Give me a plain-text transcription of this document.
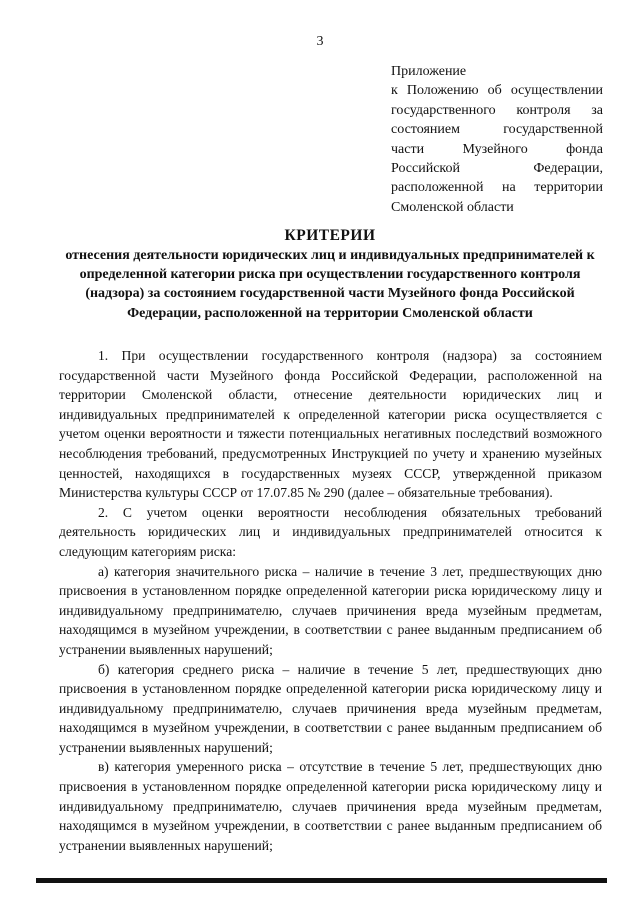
3
Приложение
к Положению об осуществлении
государственного контроля за
состоянием государственной
части Музейного фонда
Российской Федерации,
расположенной на территории
Смоленской области
КРИТЕРИИ
отнесения деятельности юридических лиц и индивидуальных предпринимателей к определенной категории риска при осуществлении государственного контроля (надзора) за состоянием государственной части Музейного фонда Российской Федерации, расположенной на территории Смоленской области

1. При осуществлении государственного контроля (надзора) за состоянием государственной части Музейного фонда Российской Федерации, расположенной на территории Смоленской области, отнесение деятельности юридических лиц и индивидуальных предпринимателей к определенной категории риска осуществляется с учетом оценки вероятности и тяжести потенциальных негативных последствий возможного несоблюдения требований, предусмотренных Инструкцией по учету и хранению музейных ценностей, находящихся в государственных музеях СССР, утвержденной приказом Министерства культуры СССР от 17.07.85 № 290 (далее – обязательные требования).

2. С учетом оценки вероятности несоблюдения обязательных требований деятельность юридических лиц и индивидуальных предпринимателей относится к следующим категориям риска:

а) категория значительного риска – наличие в течение 3 лет, предшествующих дню присвоения в установленном порядке определенной категории риска юридическому лицу и индивидуальному предпринимателю, случаев причинения вреда музейным предметам, находящимся в музейном учреждении, в соответствии с ранее выданным предписанием об устранении выявленных нарушений;

б) категория среднего риска – наличие в течение 5 лет, предшествующих дню присвоения в установленном порядке определенной категории риска юридическому лицу и индивидуальному предпринимателю, случаев причинения вреда музейным предметам, находящимся в музейном учреждении, в соответствии с ранее выданным предписанием об устранении выявленных нарушений;

в) категория умеренного риска – отсутствие в течение 5 лет, предшествующих дню присвоения в установленном порядке определенной категории риска юридическому лицу и индивидуальному предпринимателю, случаев причинения вреда музейным предметам, находящимся в музейном учреждении, в соответствии с ранее выданным предписанием об устранении выявленных нарушений;
